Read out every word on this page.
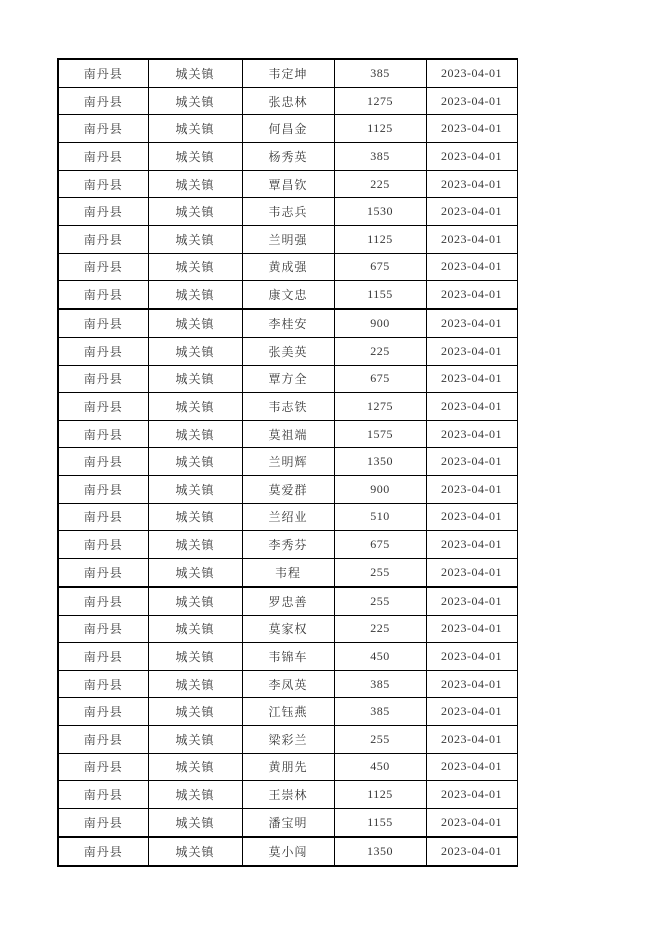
南丹县	城关镇	韦定坤	385	2023-04-01
南丹县	城关镇	张忠林	1275	2023-04-01
南丹县	城关镇	何昌金	1125	2023-04-01
南丹县	城关镇	杨秀英	385	2023-04-01
南丹县	城关镇	覃昌钦	225	2023-04-01
南丹县	城关镇	韦志兵	1530	2023-04-01
南丹县	城关镇	兰明强	1125	2023-04-01
南丹县	城关镇	黄成强	675	2023-04-01
南丹县	城关镇	康文忠	1155	2023-04-01
南丹县	城关镇	李桂安	900	2023-04-01
南丹县	城关镇	张美英	225	2023-04-01
南丹县	城关镇	覃方全	675	2023-04-01
南丹县	城关镇	韦志铁	1275	2023-04-01
南丹县	城关镇	莫祖端	1575	2023-04-01
南丹县	城关镇	兰明辉	1350	2023-04-01
南丹县	城关镇	莫爱群	900	2023-04-01
南丹县	城关镇	兰绍业	510	2023-04-01
南丹县	城关镇	李秀芬	675	2023-04-01
南丹县	城关镇	韦程	255	2023-04-01
南丹县	城关镇	罗忠善	255	2023-04-01
南丹县	城关镇	莫家权	225	2023-04-01
南丹县	城关镇	韦锦车	450	2023-04-01
南丹县	城关镇	李凤英	385	2023-04-01
南丹县	城关镇	江钰燕	385	2023-04-01
南丹县	城关镇	梁彩兰	255	2023-04-01
南丹县	城关镇	黄朋先	450	2023-04-01
南丹县	城关镇	王崇林	1125	2023-04-01
南丹县	城关镇	潘宝明	1155	2023-04-01
南丹县	城关镇	莫小闯	1350	2023-04-01
